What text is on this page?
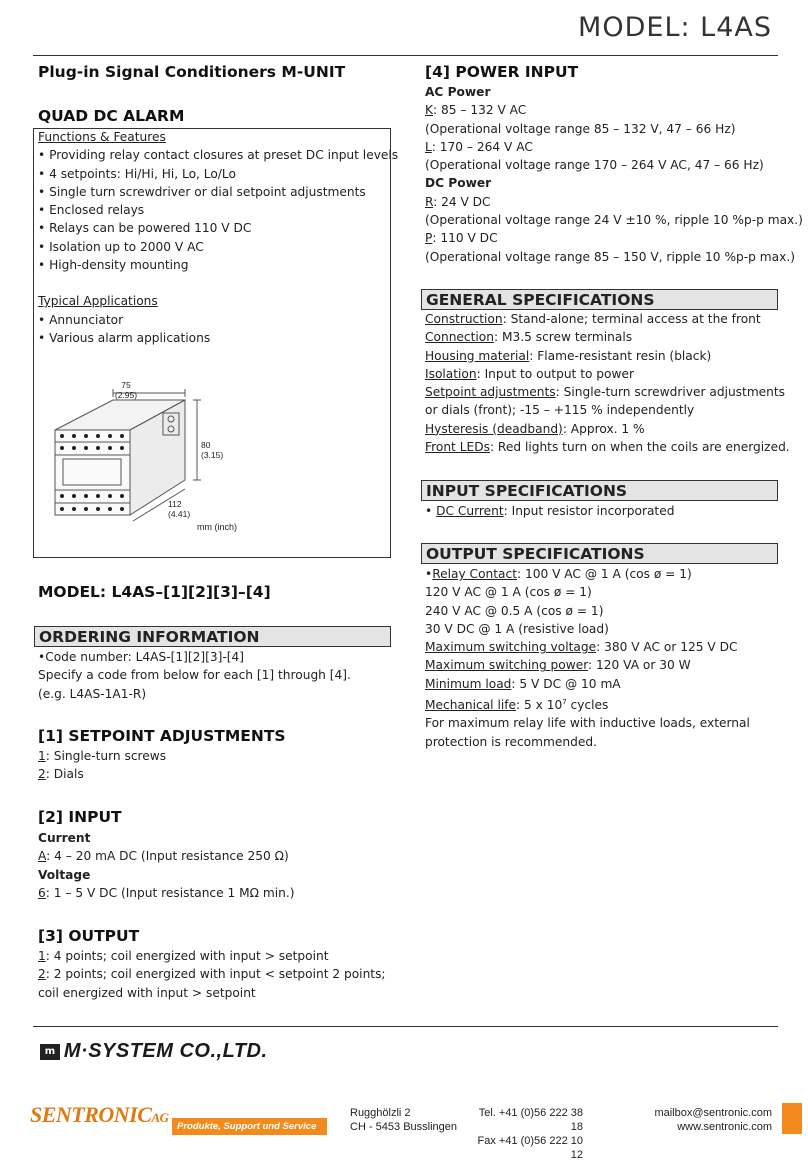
MODEL: L4AS
Plug-in Signal Conditioners M-UNIT
QUAD DC ALARM
Functions & Features
• Providing relay contact closures at preset DC input levels
• 4 setpoints: Hi/Hi, Hi, Lo, Lo/Lo
• Single turn screwdriver or dial setpoint adjustments
• Enclosed relays
• Relays can be powered 110 V DC
• Isolation up to 2000 V AC
• High-density mounting
Typical Applications
• Annunciator
• Various alarm applications
75
(2.95)
80
(3.15)
112
(4.41)
mm (inch)
MODEL: L4AS–[1][2][3]–[4]
ORDERING INFORMATION
•Code number: L4AS-[1][2][3]-[4]
Specify a code from below for each [1] through [4].
(e.g. L4AS-1A1-R)
[1] SETPOINT ADJUSTMENTS
1: Single-turn screws
2: Dials
[2] INPUT
Current
A: 4 – 20 mA DC (Input resistance 250 Ω)
Voltage
6: 1 – 5 V DC (Input resistance 1 MΩ min.)
[3] OUTPUT
1: 4 points; coil energized with input > setpoint
2: 2 points; coil energized with input < setpoint 2 points;
coil energized with input > setpoint
[4] POWER INPUT
AC Power
K: 85 – 132 V AC
(Operational voltage range 85 – 132 V, 47 – 66 Hz)
L: 170 – 264 V AC
(Operational voltage range 170 – 264 V AC, 47 – 66 Hz)
DC Power
R: 24 V DC
(Operational voltage range 24 V ±10 %, ripple 10 %p-p max.)
P: 110 V DC
(Operational voltage range 85 – 150 V, ripple 10 %p-p max.)
GENERAL SPECIFICATIONS
Construction: Stand-alone; terminal access at the front
Connection: M3.5 screw terminals
Housing material: Flame-resistant resin (black)
Isolation: Input to output to power
Setpoint adjustments: Single-turn screwdriver adjustments
or dials (front); -15 – +115 % independently
Hysteresis (deadband): Approx. 1 %
Front LEDs: Red lights turn on when the coils are energized.
INPUT SPECIFICATIONS
• DC Current: Input resistor incorporated
OUTPUT SPECIFICATIONS
•Relay Contact: 100 V AC @ 1 A (cos ø = 1)
120 V AC @ 1 A (cos ø = 1)
240 V AC @ 0.5 A (cos ø = 1)
30 V DC @ 1 A (resistive load)
Maximum switching voltage: 380 V AC or 125 V DC
Maximum switching power: 120 VA or 30 W
Minimum load: 5 V DC @ 10 mA
Mechanical life: 5 x $10^7$ cycles
For maximum relay life with inductive loads, external
protection is recommended.
m M·SYSTEM CO.,LTD.
SENTRONICAG
Produkte, Support und Service
Rugghölzli 2
CH - 5453 Busslingen
Tel. +41 (0)56 222 38 18
Fax +41 (0)56 222 10 12
mailbox@sentronic.com
www.sentronic.com
